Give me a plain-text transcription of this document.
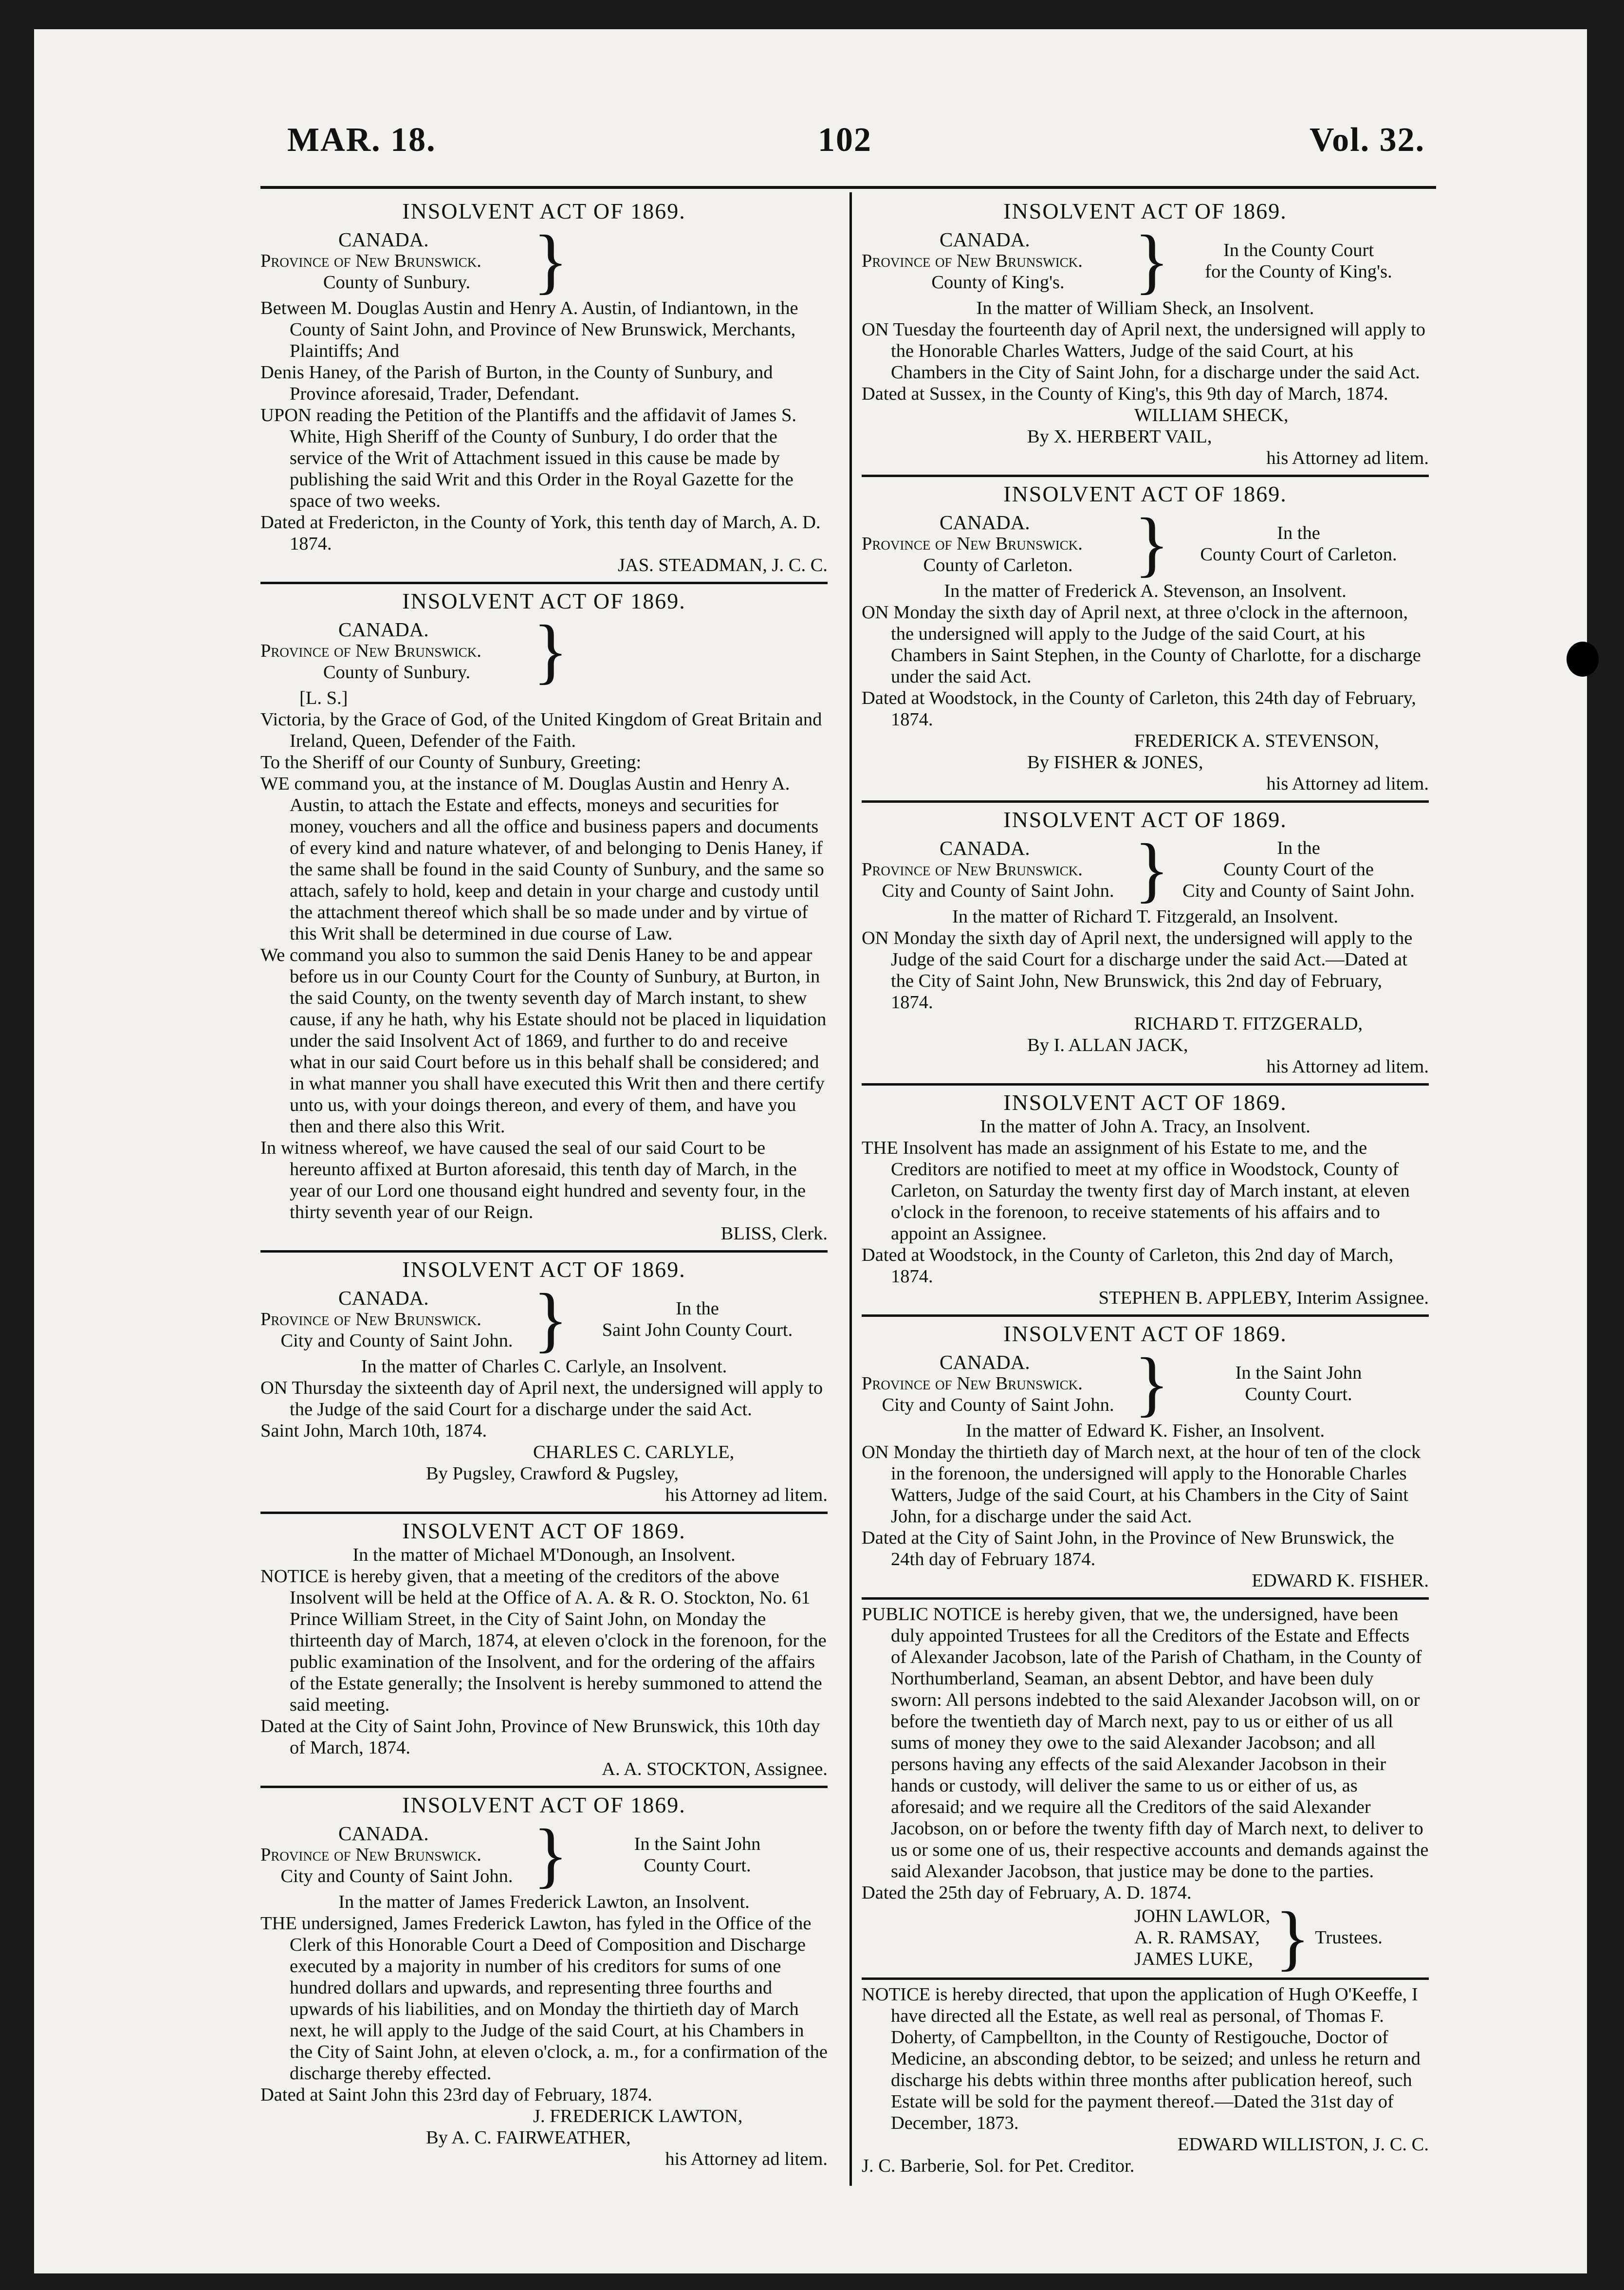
MAR. 18.	102	Vol. 32.
INSOLVENT ACT OF 1869.
CANADA.
Province of New Brunswick.
County of Sunbury. }
Between M. Douglas Austin and Henry A. Austin, of Indiantown, in the County of Saint John, and Province of New Brunswick, Merchants, Plaintiffs; And
Denis Haney, of the Parish of Burton, in the County of Sunbury, and Province aforesaid, Trader, Defendant.
UPON reading the Petition of the Plantiffs and the affidavit of James S. White, High Sheriff of the County of Sunbury, I do order that the service of the Writ of Attachment issued in this cause be made by publishing the said Writ and this Order in the Royal Gazette for the space of two weeks.
Dated at Fredericton, in the County of York, this tenth day of March, A. D. 1874.
JAS. STEADMAN, J. C. C.
INSOLVENT ACT OF 1869.
CANADA.
Province of New Brunswick.
County of Sunbury. }
[L. S.]
Victoria, by the Grace of God, of the United Kingdom of Great Britain and Ireland, Queen, Defender of the Faith.
To the Sheriff of our County of Sunbury, Greeting:
WE command you, at the instance of M. Douglas Austin and Henry A. Austin, to attach the Estate and effects, moneys and securities for money, vouchers and all the office and business papers and documents of every kind and nature whatever, of and belonging to Denis Haney, if the same shall be found in the said County of Sunbury, and the same so attach, safely to hold, keep and detain in your charge and custody until the attachment thereof which shall be so made under and by virtue of this Writ shall be determined in due course of Law.
We command you also to summon the said Denis Haney to be and appear before us in our County Court for the County of Sunbury, at Burton, in the said County, on the twenty seventh day of March instant, to shew cause, if any he hath, why his Estate should not be placed in liquidation under the said Insolvent Act of 1869, and further to do and receive what in our said Court before us in this behalf shall be considered; and in what manner you shall have executed this Writ then and there certify unto us, with your doings thereon, and every of them, and have you then and there also this Writ.
In witness whereof, we have caused the seal of our said Court to be hereunto affixed at Burton aforesaid, this tenth day of March, in the year of our Lord one thousand eight hundred and seventy four, in the thirty seventh year of our Reign.
BLISS, Clerk.
INSOLVENT ACT OF 1869.
CANADA.
Province of New Brunswick.
City and County of Saint John. }	In the
Saint John County Court.
In the matter of Charles C. Carlyle, an Insolvent.
ON Thursday the sixteenth day of April next, the undersigned will apply to the Judge of the said Court for a discharge under the said Act.
Saint John, March 10th, 1874.
CHARLES C. CARLYLE,
By Pugsley, Crawford & Pugsley,
his Attorney ad litem.
INSOLVENT ACT OF 1869.
In the matter of Michael M'Donough, an Insolvent.
NOTICE is hereby given, that a meeting of the creditors of the above Insolvent will be held at the Office of A. A. & R. O. Stockton, No. 61 Prince William Street, in the City of Saint John, on Monday the thirteenth day of March, 1874, at eleven o'clock in the forenoon, for the public examination of the Insolvent, and for the ordering of the affairs of the Estate generally; the Insolvent is hereby summoned to attend the said meeting.
Dated at the City of Saint John, Province of New Brunswick, this 10th day of March, 1874.
A. A. STOCKTON, Assignee.
INSOLVENT ACT OF 1869.
CANADA.
Province of New Brunswick.
City and County of Saint John. }	In the Saint John
County Court.
In the matter of James Frederick Lawton, an Insolvent.
THE undersigned, James Frederick Lawton, has fyled in the Office of the Clerk of this Honorable Court a Deed of Composition and Discharge executed by a majority in number of his creditors for sums of one hundred dollars and upwards, and representing three fourths and upwards of his liabilities, and on Monday the thirtieth day of March next, he will apply to the Judge of the said Court, at his Chambers in the City of Saint John, at eleven o'clock, a. m., for a confirmation of the discharge thereby effected.
Dated at Saint John this 23rd day of February, 1874.
J. FREDERICK LAWTON,
By A. C. FAIRWEATHER,
his Attorney ad litem.
INSOLVENT ACT OF 1869.
CANADA.
Province of New Brunswick.
County of King's. }	In the County Court
for the County of King's.
In the matter of William Sheck, an Insolvent.
ON Tuesday the fourteenth day of April next, the undersigned will apply to the Honorable Charles Watters, Judge of the said Court, at his Chambers in the City of Saint John, for a discharge under the said Act.
Dated at Sussex, in the County of King's, this 9th day of March, 1874.
WILLIAM SHECK,
By X. HERBERT VAIL,
his Attorney ad litem.
INSOLVENT ACT OF 1869.
CANADA.
Province of New Brunswick.
County of Carleton. }	In the
County Court of Carleton.
In the matter of Frederick A. Stevenson, an Insolvent.
ON Monday the sixth day of April next, at three o'clock in the afternoon, the undersigned will apply to the Judge of the said Court, at his Chambers in Saint Stephen, in the County of Charlotte, for a discharge under the said Act.
Dated at Woodstock, in the County of Carleton, this 24th day of February, 1874.
FREDERICK A. STEVENSON,
By FISHER & JONES,
his Attorney ad litem.
INSOLVENT ACT OF 1869.
CANADA.
Province of New Brunswick.
City and County of Saint John. }	In the
County Court of the
City and County of Saint John.
In the matter of Richard T. Fitzgerald, an Insolvent.
ON Monday the sixth day of April next, the undersigned will apply to the Judge of the said Court for a discharge under the said Act.—Dated at the City of Saint John, New Brunswick, this 2nd day of February, 1874.
RICHARD T. FITZGERALD,
By I. ALLAN JACK,
his Attorney ad litem.
INSOLVENT ACT OF 1869.
In the matter of John A. Tracy, an Insolvent.
THE Insolvent has made an assignment of his Estate to me, and the Creditors are notified to meet at my office in Woodstock, County of Carleton, on Saturday the twenty first day of March instant, at eleven o'clock in the forenoon, to receive statements of his affairs and to appoint an Assignee.
Dated at Woodstock, in the County of Carleton, this 2nd day of March, 1874.
STEPHEN B. APPLEBY, Interim Assignee.
INSOLVENT ACT OF 1869.
CANADA.
Province of New Brunswick.
City and County of Saint John. }	In the Saint John
County Court.
In the matter of Edward K. Fisher, an Insolvent.
ON Monday the thirtieth day of March next, at the hour of ten of the clock in the forenoon, the undersigned will apply to the Honorable Charles Watters, Judge of the said Court, at his Chambers in the City of Saint John, for a discharge under the said Act.
Dated at the City of Saint John, in the Province of New Brunswick, the 24th day of February 1874.
EDWARD K. FISHER.
PUBLIC NOTICE is hereby given, that we, the undersigned, have been duly appointed Trustees for all the Creditors of the Estate and Effects of Alexander Jacobson, late of the Parish of Chatham, in the County of Northumberland, Seaman, an absent Debtor, and have been duly sworn: All persons indebted to the said Alexander Jacobson will, on or before the twentieth day of March next, pay to us or either of us all sums of money they owe to the said Alexander Jacobson; and all persons having any effects of the said Alexander Jacobson in their hands or custody, will deliver the same to us or either of us, as aforesaid; and we require all the Creditors of the said Alexander Jacobson, on or before the twenty fifth day of March next, to deliver to us or some one of us, their respective accounts and demands against the said Alexander Jacobson, that justice may be done to the parties.
Dated the 25th day of February, A. D. 1874.
JOHN LAWLOR,
A. R. RAMSAY,
JAMES LUKE, } Trustees.
NOTICE is hereby directed, that upon the application of Hugh O'Keeffe, I have directed all the Estate, as well real as personal, of Thomas F. Doherty, of Campbellton, in the County of Restigouche, Doctor of Medicine, an absconding debtor, to be seized; and unless he return and discharge his debts within three months after publication hereof, such Estate will be sold for the payment thereof.—Dated the 31st day of December, 1873.
EDWARD WILLISTON, J. C. C.
J. C. Barberie, Sol. for Pet. Creditor.
